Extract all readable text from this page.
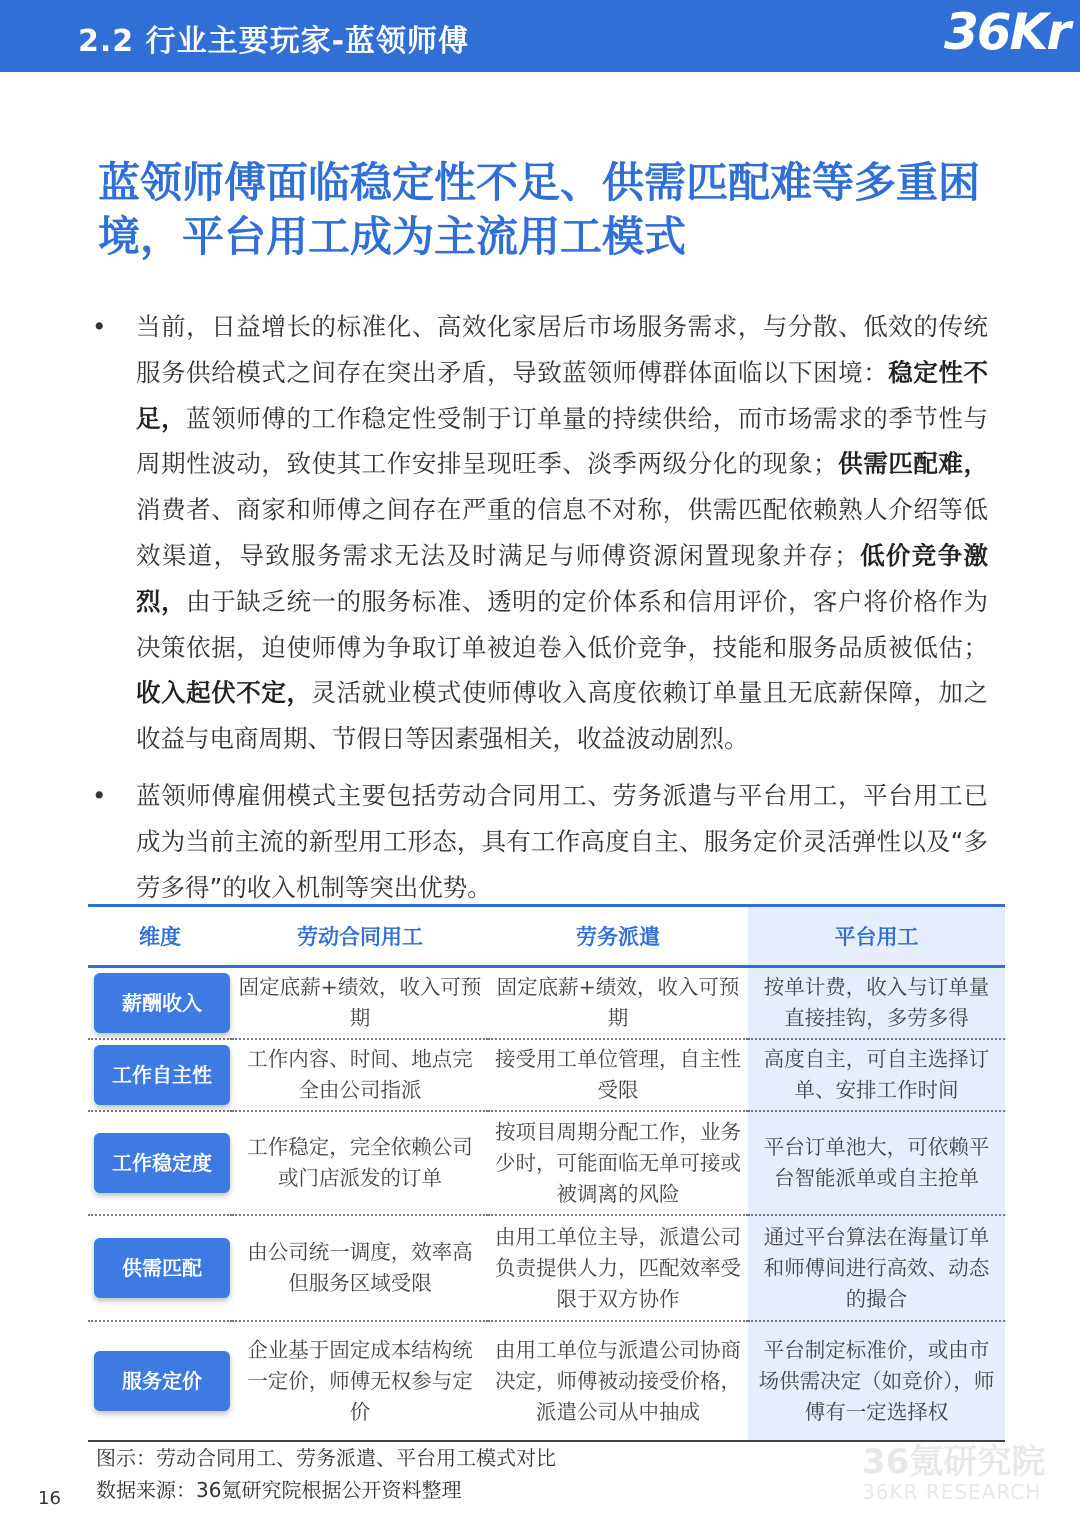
2.2 行业主要玩家-蓝领师傅	36Kr
蓝领师傅面临稳定性不足、供需匹配难等多重困境，平台用工成为主流用工模式
• 当前，日益增长的标准化、高效化家居后市场服务需求，与分散、低效的传统服务供给模式之间存在突出矛盾，导致蓝领师傅群体面临以下困境：稳定性不足，蓝领师傅的工作稳定性受制于订单量的持续供给，而市场需求的季节性与周期性波动，致使其工作安排呈现旺季、淡季两级分化的现象；供需匹配难，消费者、商家和师傅之间存在严重的信息不对称，供需匹配依赖熟人介绍等低效渠道，导致服务需求无法及时满足与师傅资源闲置现象并存；低价竞争激烈，由于缺乏统一的服务标准、透明的定价体系和信用评价，客户将价格作为决策依据，迫使师傅为争取订单被迫卷入低价竞争，技能和服务品质被低估；收入起伏不定，灵活就业模式使师傅收入高度依赖订单量且无底薪保障，加之收益与电商周期、节假日等因素强相关，收益波动剧烈。
• 蓝领师傅雇佣模式主要包括劳动合同用工、劳务派遣与平台用工，平台用工已成为当前主流的新型用工形态，具有工作高度自主、服务定价灵活弹性以及“多劳多得”的收入机制等突出优势。
维度	劳动合同用工	劳务派遣	平台用工
薪酬收入	固定底薪+绩效，收入可预期	固定底薪+绩效，收入可预期	按单计费，收入与订单量直接挂钩，多劳多得
工作自主性	工作内容、时间、地点完全由公司指派	接受用工单位管理，自主性受限	高度自主，可自主选择订单、安排工作时间
工作稳定度	工作稳定，完全依赖公司或门店派发的订单	按项目周期分配工作，业务少时，可能面临无单可接或被调离的风险	平台订单池大，可依赖平台智能派单或自主抢单
供需匹配	由公司统一调度，效率高但服务区域受限	由用工单位主导，派遣公司负责提供人力，匹配效率受限于双方协作	通过平台算法在海量订单和师傅间进行高效、动态的撮合
服务定价	企业基于固定成本结构统一定价，师傅无权参与定价	由用工单位与派遣公司协商决定，师傅被动接受价格，派遣公司从中抽成	平台制定标准价，或由市场供需决定（如竞价），师傅有一定选择权
图示：劳动合同用工、劳务派遣、平台用工模式对比
数据来源：36氪研究院根据公开资料整理
16
36氪研究院
36KR RESEARCH
